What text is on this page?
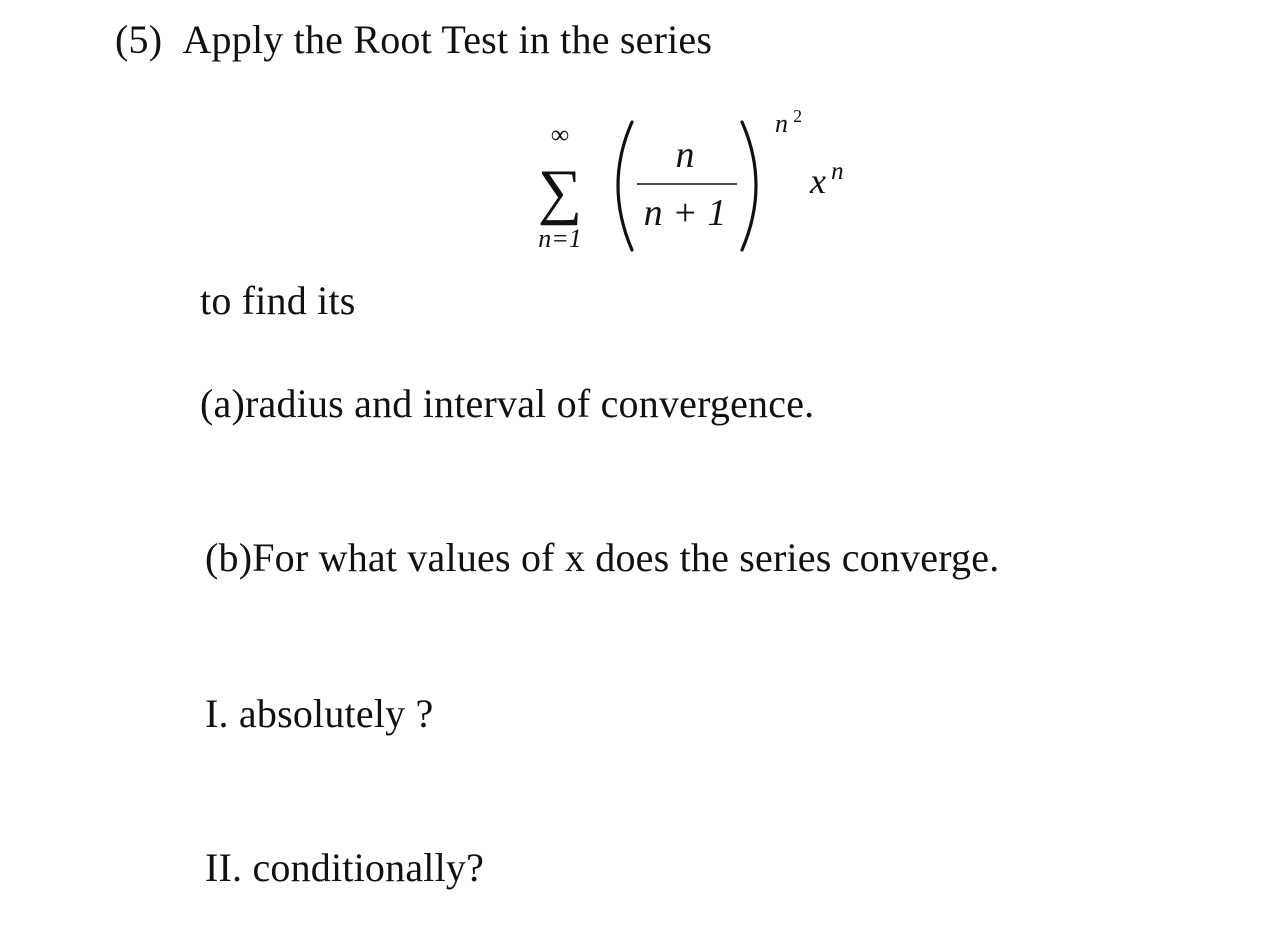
(5) Apply the Root Test in the series
∞
∑
n=1
n
n + 1
n 2
x n
to find its
(a)radius and interval of convergence.
(b)For what values of x does the series converge.
I. absolutely ?
II. conditionally?
